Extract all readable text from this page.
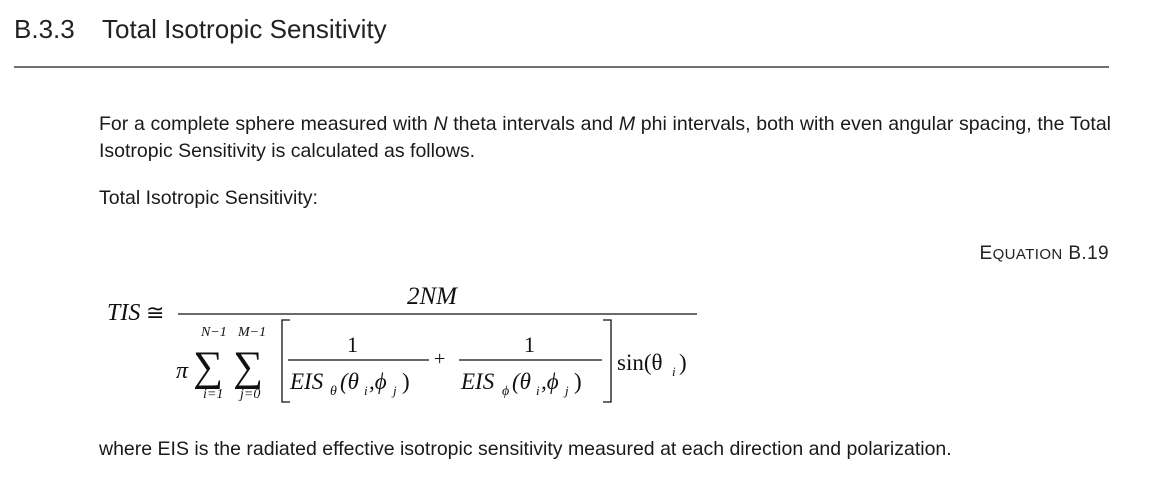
B.3.3 Total Isotropic Sensitivity
For a complete sphere measured with N theta intervals and M phi intervals, both with even angular spacing, the Total Isotropic Sensitivity is calculated as follows.
Total Isotropic Sensitivity:
EQUATION B.19
TIS ≅
2NM
π ∑ ∑
N−1
i=1
M−1
j=0
1
EIS θ (θ i ,ϕ j )
+
1
EIS ϕ (θ i ,ϕ j )
sin(θ i )
where EIS is the radiated effective isotropic sensitivity measured at each direction and polarization.
